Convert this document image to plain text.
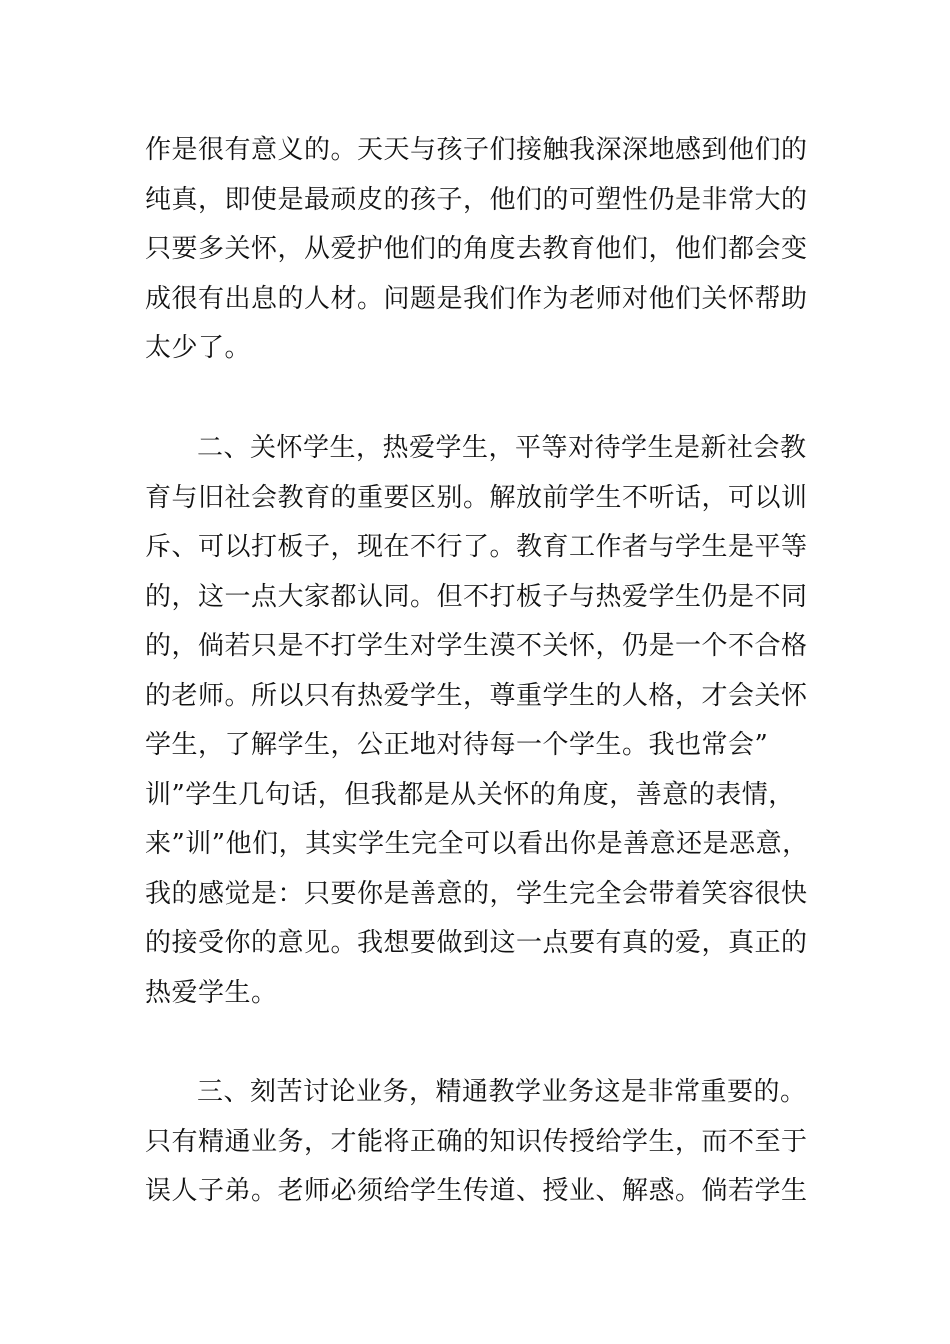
作是很有意义的。天天与孩子们接触我深深地感到他们的
纯真，即使是最顽皮的孩子，他们的可塑性仍是非常大的
只要多关怀，从爱护他们的角度去教育他们，他们都会变
成很有出息的人材。问题是我们作为老师对他们关怀帮助
太少了。
二、关怀学生，热爱学生，平等对待学生是新社会教
育与旧社会教育的重要区别。解放前学生不听话，可以训
斥、可以打板子，现在不行了。教育工作者与学生是平等
的，这一点大家都认同。但不打板子与热爱学生仍是不同
的，倘若只是不打学生对学生漠不关怀，仍是一个不合格
的老师。所以只有热爱学生，尊重学生的人格，才会关怀
学生，了解学生，公正地对待每一个学生。我也常会”
训”学生几句话，但我都是从关怀的角度，善意的表情，
来”训”他们，其实学生完全可以看出你是善意还是恶意，
我的感觉是：只要你是善意的，学生完全会带着笑容很快
的接受你的意见。我想要做到这一点要有真的爱，真正的
热爱学生。
三、刻苦讨论业务，精通教学业务这是非常重要的。
只有精通业务，才能将正确的知识传授给学生，而不至于
误人子弟。老师必须给学生传道、授业、解惑。倘若学生
